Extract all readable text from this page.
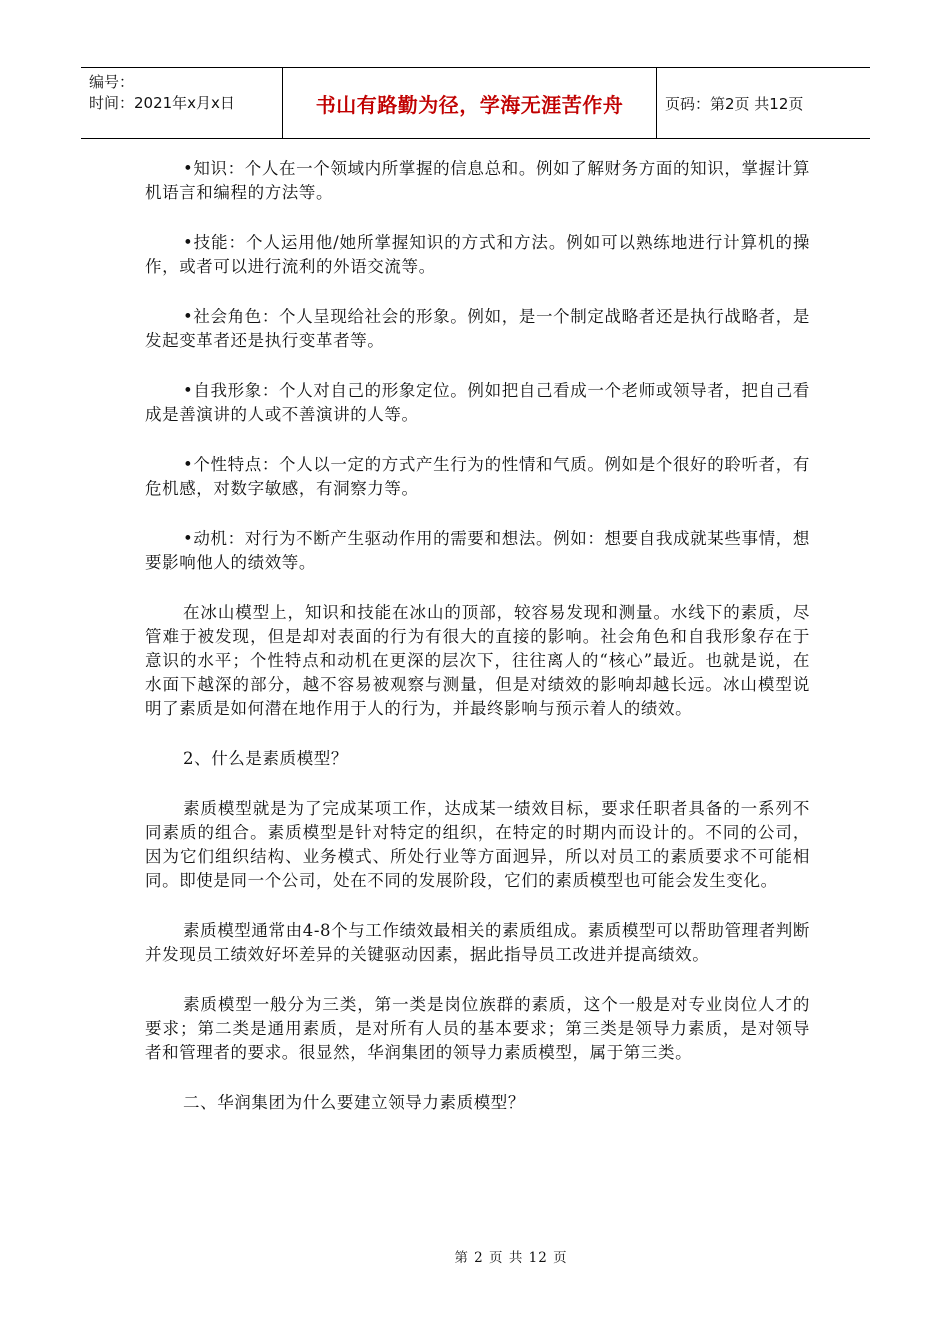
编号：
时间：2021年x月x日	书山有路勤为径，学海无涯苦作舟	页码：第2页 共12页

•知识：个人在一个领域内所掌握的信息总和。例如了解财务方面的知识，掌握计算机语言和编程的方法等。

•技能：个人运用他/她所掌握知识的方式和方法。例如可以熟练地进行计算机的操作，或者可以进行流利的外语交流等。

•社会角色：个人呈现给社会的形象。例如，是一个制定战略者还是执行战略者，是发起变革者还是执行变革者等。

•自我形象：个人对自己的形象定位。例如把自己看成一个老师或领导者，把自己看成是善演讲的人或不善演讲的人等。

•个性特点：个人以一定的方式产生行为的性情和气质。例如是个很好的聆听者，有危机感，对数字敏感，有洞察力等。

•动机：对行为不断产生驱动作用的需要和想法。例如：想要自我成就某些事情，想要影响他人的绩效等。

在冰山模型上，知识和技能在冰山的顶部，较容易发现和测量。水线下的素质，尽管难于被发现，但是却对表面的行为有很大的直接的影响。社会角色和自我形象存在于意识的水平；个性特点和动机在更深的层次下，往往离人的“核心”最近。也就是说，在水面下越深的部分，越不容易被观察与测量，但是对绩效的影响却越长远。冰山模型说明了素质是如何潜在地作用于人的行为，并最终影响与预示着人的绩效。

2、什么是素质模型？

素质模型就是为了完成某项工作，达成某一绩效目标，要求任职者具备的一系列不同素质的组合。素质模型是针对特定的组织，在特定的时期内而设计的。不同的公司，因为它们组织结构、业务模式、所处行业等方面迥异，所以对员工的素质要求不可能相同。即使是同一个公司，处在不同的发展阶段，它们的素质模型也可能会发生变化。

素质模型通常由4-8个与工作绩效最相关的素质组成。素质模型可以帮助管理者判断并发现员工绩效好坏差异的关键驱动因素，据此指导员工改进并提高绩效。

素质模型一般分为三类，第一类是岗位族群的素质，这个一般是对专业岗位人才的要求；第二类是通用素质，是对所有人员的基本要求；第三类是领导力素质，是对领导者和管理者的要求。很显然，华润集团的领导力素质模型，属于第三类。

二、华润集团为什么要建立领导力素质模型？

第 2 页 共 12 页
